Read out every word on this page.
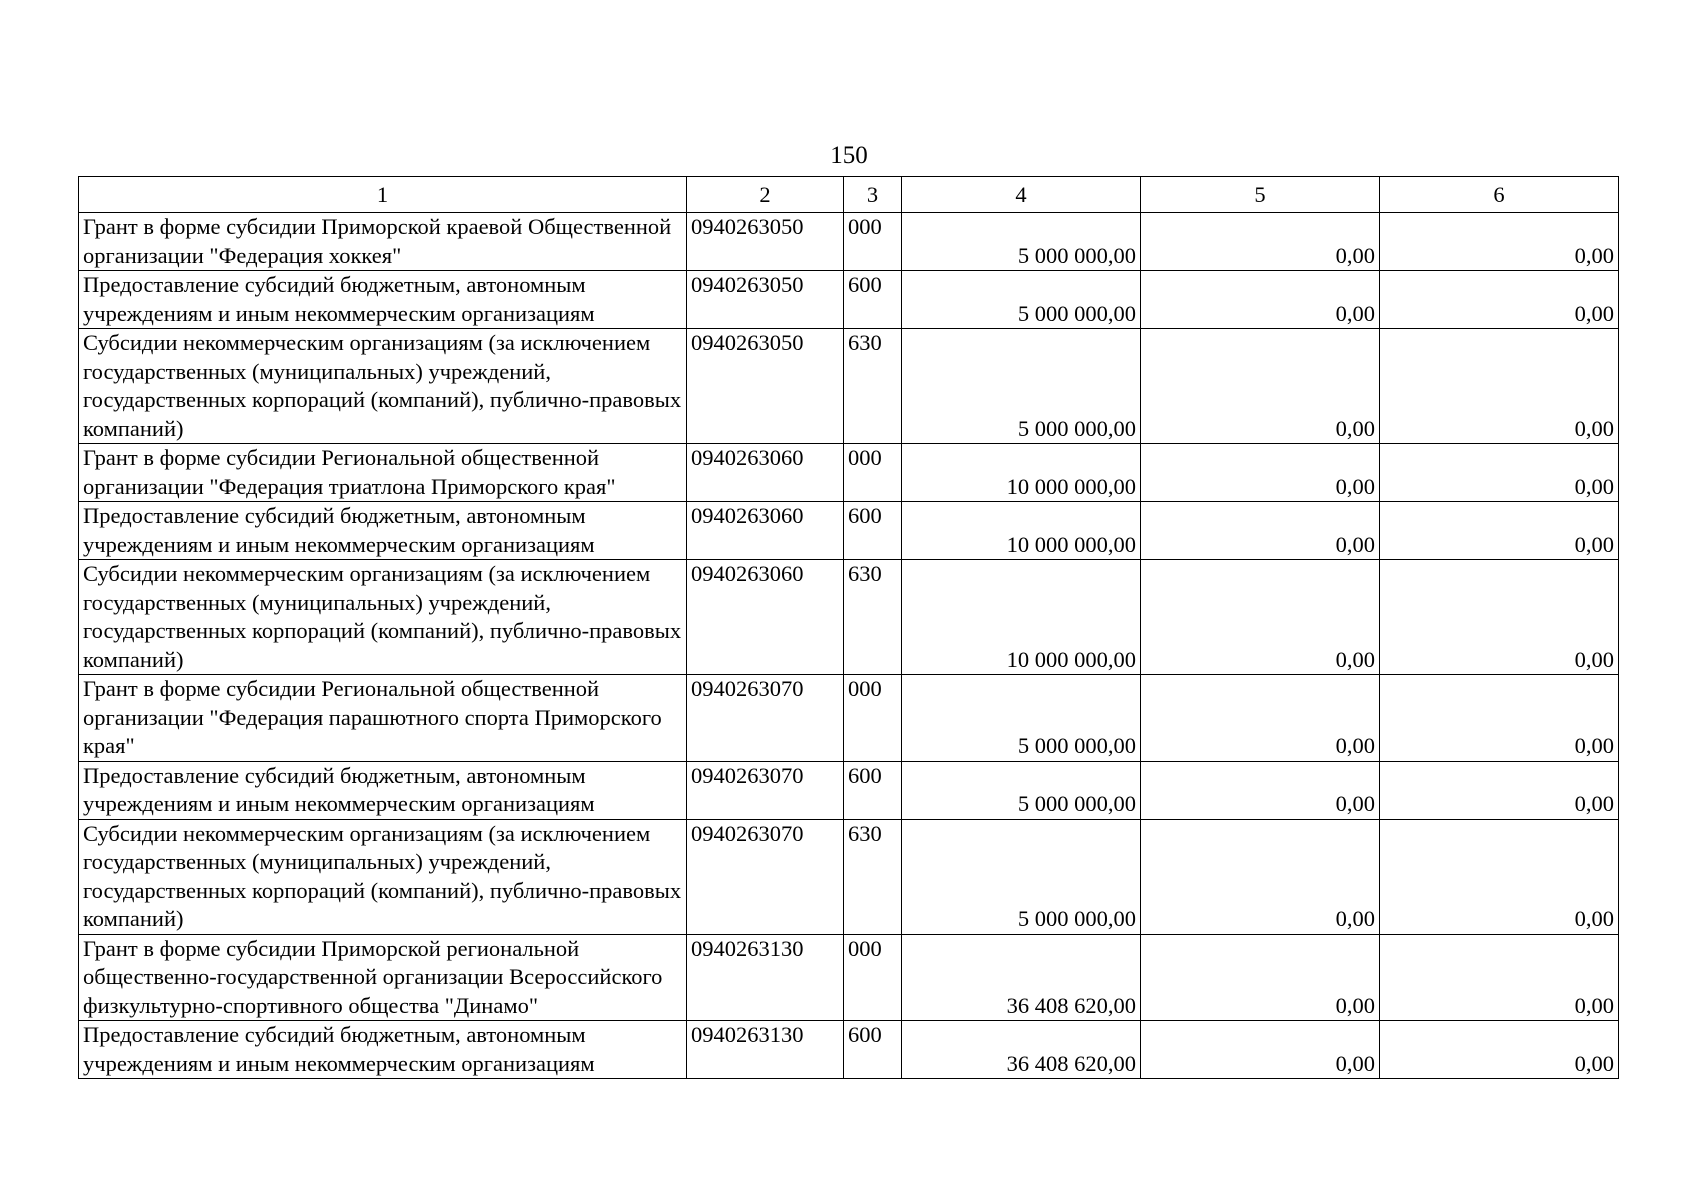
150
1	2	3	4	5	6
Грант в форме субсидии Приморской краевой Общественной организации "Федерация хоккея"	0940263050	000	5 000 000,00	0,00	0,00
Предоставление субсидий бюджетным, автономным учреждениям и иным некоммерческим организациям	0940263050	600	5 000 000,00	0,00	0,00
Субсидии некоммерческим организациям (за исключением государственных (муниципальных) учреждений, государственных корпораций (компаний), публично-правовых компаний)	0940263050	630	5 000 000,00	0,00	0,00
Грант в форме субсидии Региональной общественной организации "Федерация триатлона Приморского края"	0940263060	000	10 000 000,00	0,00	0,00
Предоставление субсидий бюджетным, автономным учреждениям и иным некоммерческим организациям	0940263060	600	10 000 000,00	0,00	0,00
Субсидии некоммерческим организациям (за исключением государственных (муниципальных) учреждений, государственных корпораций (компаний), публично-правовых компаний)	0940263060	630	10 000 000,00	0,00	0,00
Грант в форме субсидии Региональной общественной организации "Федерация парашютного спорта Приморского края"	0940263070	000	5 000 000,00	0,00	0,00
Предоставление субсидий бюджетным, автономным учреждениям и иным некоммерческим организациям	0940263070	600	5 000 000,00	0,00	0,00
Субсидии некоммерческим организациям (за исключением государственных (муниципальных) учреждений, государственных корпораций (компаний), публично-правовых компаний)	0940263070	630	5 000 000,00	0,00	0,00
Грант в форме субсидии Приморской региональной общественно-государственной организации Всероссийского физкультурно-спортивного общества "Динамо"	0940263130	000	36 408 620,00	0,00	0,00
Предоставление субсидий бюджетным, автономным учреждениям и иным некоммерческим организациям	0940263130	600	36 408 620,00	0,00	0,00
